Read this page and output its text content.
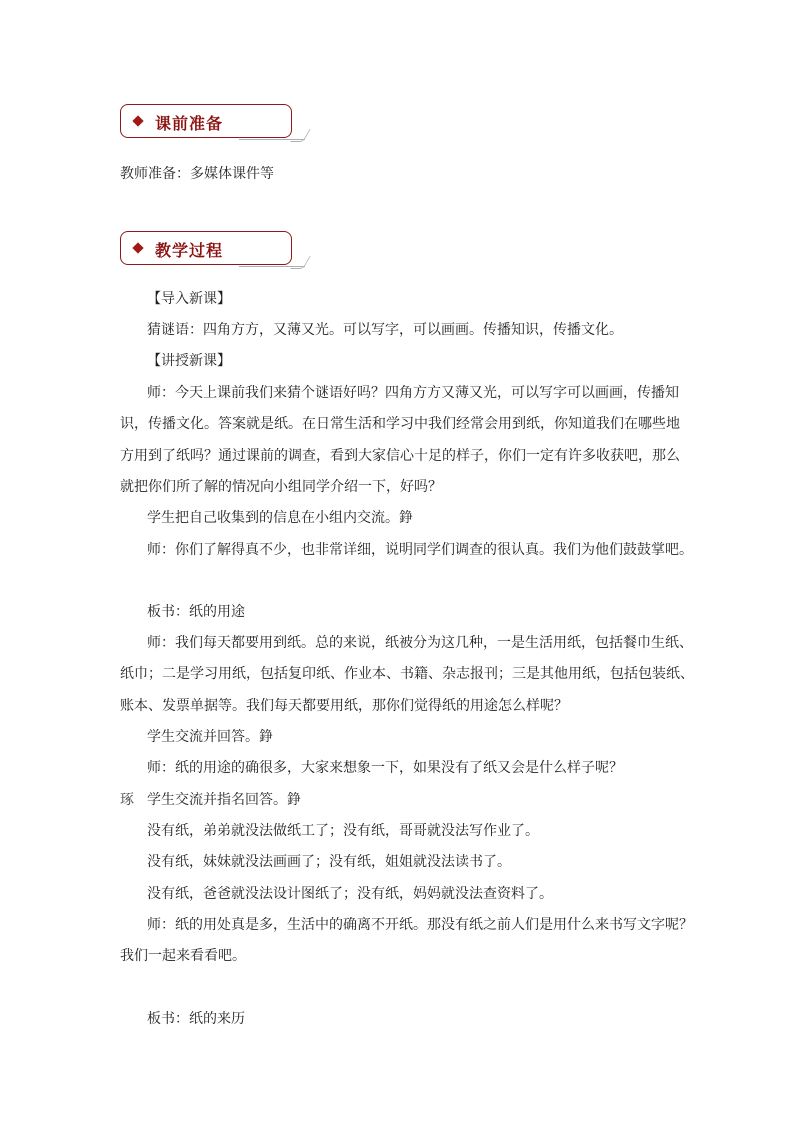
课前准备
教师准备：多媒体课件等
教学过程
【导入新课】
猜谜语：四角方方，又薄又光。可以写字，可以画画。传播知识，传播文化。
【讲授新课】
师：今天上课前我们来猜个谜语好吗？四角方方又薄又光，可以写字可以画画，传播知
识，传播文化。答案就是纸。在日常生活和学习中我们经常会用到纸，你知道我们在哪些地
方用到了纸吗？通过课前的调查，看到大家信心十足的样子，你们一定有许多收获吧，那么
就把你们所了解的情况向小组同学介绍一下，好吗？
学生把自己收集到的信息在小组内交流。錚
师：你们了解得真不少，也非常详细，说明同学们调查的很认真。我们为他们鼓鼓掌吧。
板书：纸的用途
师：我们每天都要用到纸。总的来说，纸被分为这几种，一是生活用纸，包括餐巾生纸、
纸巾；二是学习用纸，包括复印纸、作业本、书籍、杂志报刊；三是其他用纸，包括包装纸、
账本、发票单据等。我们每天都要用纸，那你们觉得纸的用途怎么样呢？
学生交流并回答。錚
师：纸的用途的确很多，大家来想象一下，如果没有了纸又会是什么样子呢？
琢 学生交流并指名回答。錚
没有纸，弟弟就没法做纸工了；没有纸，哥哥就没法写作业了。
没有纸，妹妹就没法画画了；没有纸，姐姐就没法读书了。
没有纸，爸爸就没法设计图纸了；没有纸，妈妈就没法查资料了。
师：纸的用处真是多，生活中的确离不开纸。那没有纸之前人们是用什么来书写文字呢？
我们一起来看看吧。
板书：纸的来历
